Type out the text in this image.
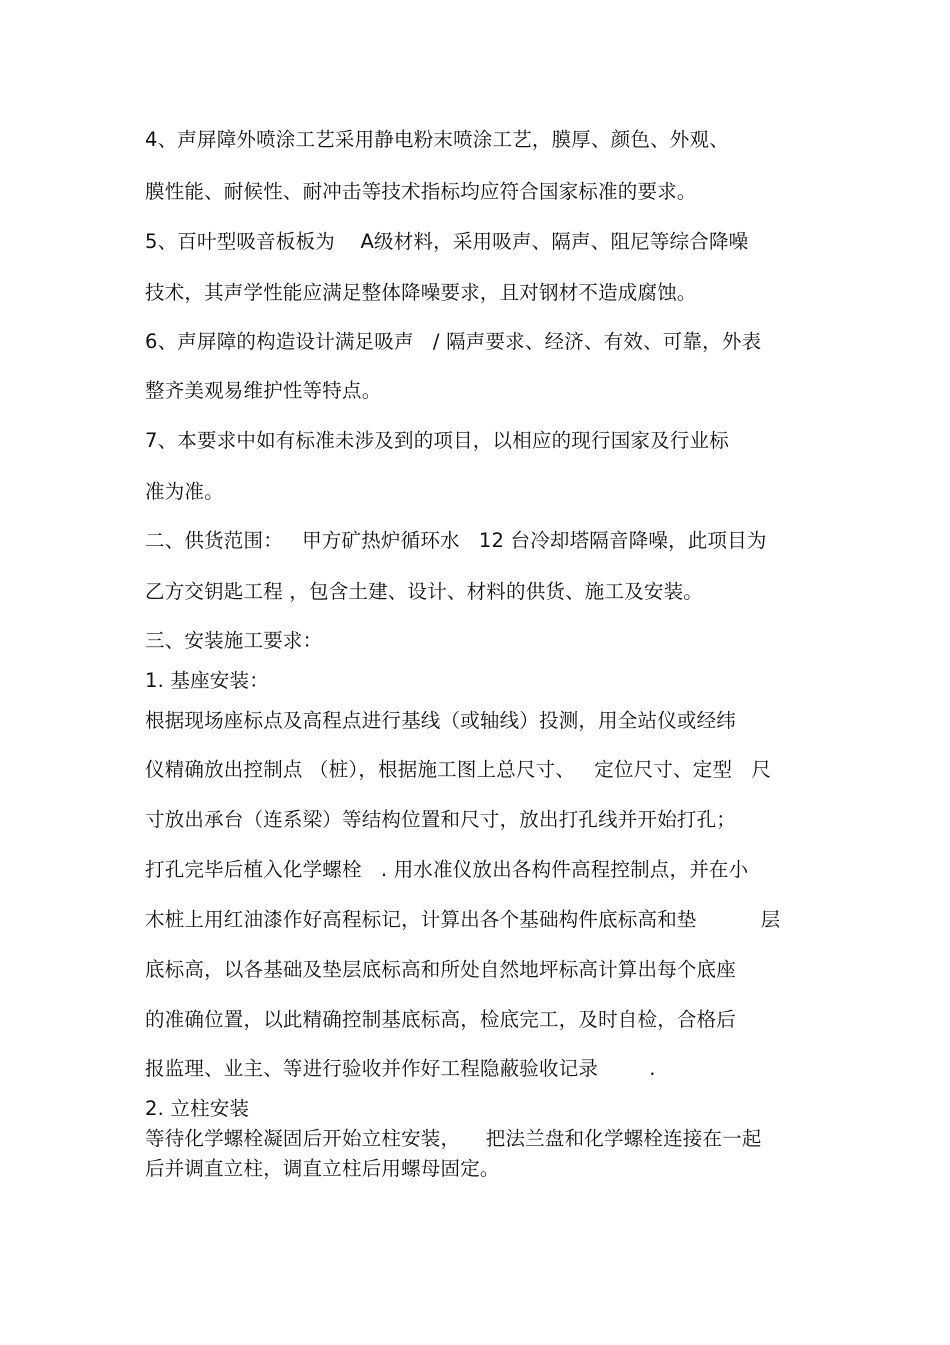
4、声屏障外喷涂工艺采用静电粉末喷涂工艺，膜厚、颜色、外观、
膜性能、耐候性、耐冲击等技术指标均应符合国家标准的要求。
5、百叶型吸音板板为    A级材料，采用吸声、隔声、阻尼等综合降噪
技术，其声学性能应满足整体降噪要求，且对钢材不造成腐蚀。
6、声屏障的构造设计满足吸声   / 隔声要求、经济、有效、可靠，外表
整齐美观易维护性等特点。
7、本要求中如有标准未涉及到的项目，以相应的现行国家及行业标
准为准。
二、供货范围：   甲方矿热炉循环水   12 台冷却塔隔音降噪，此项目为
乙方交钥匙工程 ，包含土建、设计、材料的供货、施工及安装。
三、安装施工要求：
1. 基座安装：
根据现场座标点及高程点进行基线（或轴线）投测，用全站仪或经纬
仪精确放出控制点 （桩），根据施工图上总尺寸、   定位尺寸、定型   尺
寸放出承台（连系梁）等结构位置和尺寸，放出打孔线并开始打孔；
打孔完毕后植入化学螺栓   . 用水准仪放出各构件高程控制点，并在小
木桩上用红油漆作好高程标记，计算出各个基础构件底标高和垫          层
底标高，以各基础及垫层底标高和所处自然地坪标高计算出每个底座
的准确位置，以此精确控制基底标高，检底完工，及时自检，合格后
报监理、业主、等进行验收并作好工程隐蔽验收记录        .
2. 立柱安装
等待化学螺栓凝固后开始立柱安装，    把法兰盘和化学螺栓连接在一起
后并调直立柱，调直立柱后用螺母固定。
